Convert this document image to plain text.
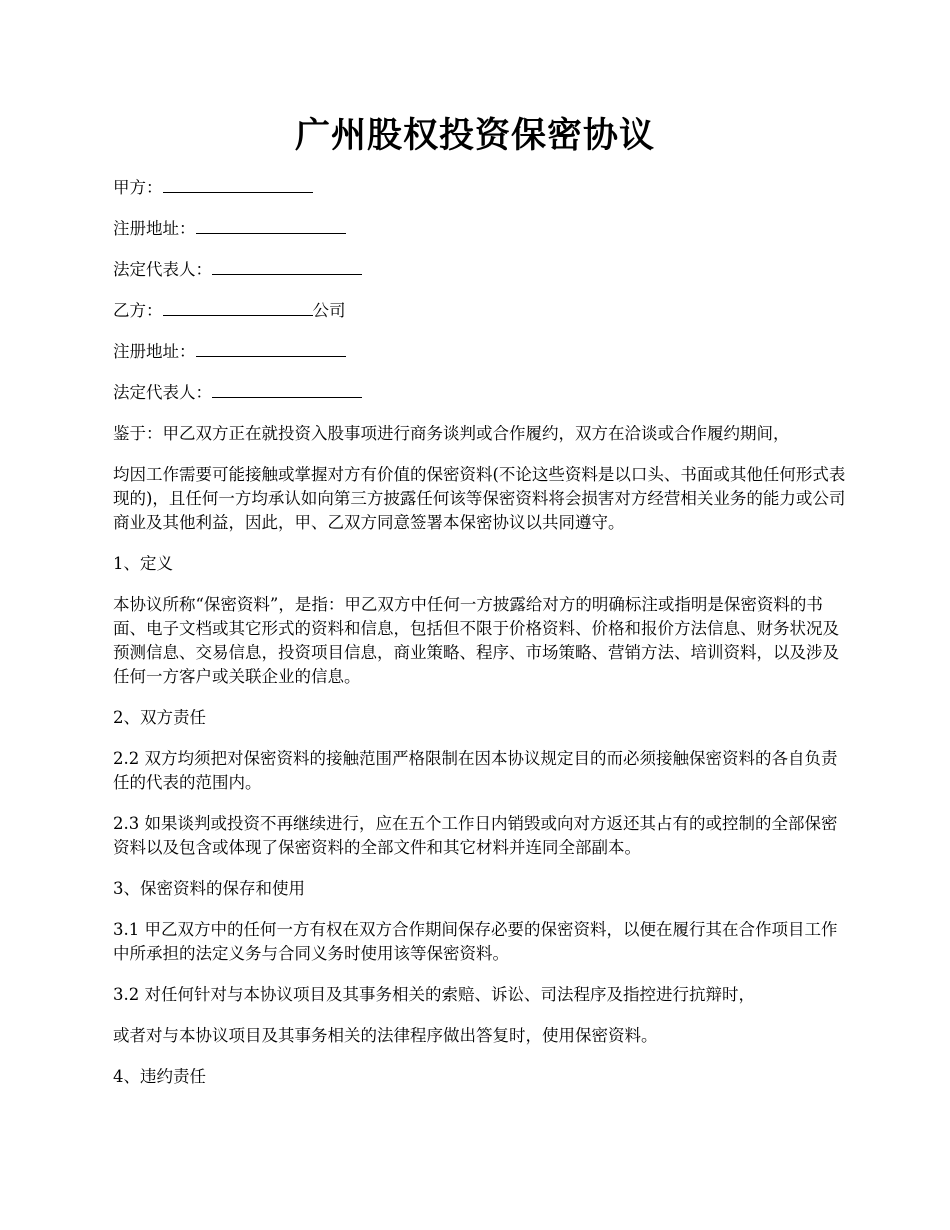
广州股权投资保密协议

甲方：

注册地址：

法定代表人：

乙方：	公司

注册地址：

法定代表人：

鉴于：甲乙双方正在就投资入股事项进行商务谈判或合作履约，双方在洽谈或合作履约期间，

均因工作需要可能接触或掌握对方有价值的保密资料(不论这些资料是以口头、书面或其他任何形式表现的)，且任何一方均承认如向第三方披露任何该等保密资料将会损害对方经营相关业务的能力或公司商业及其他利益，因此，甲、乙双方同意签署本保密协议以共同遵守。

1、定义

本协议所称“保密资料”，是指：甲乙双方中任何一方披露给对方的明确标注或指明是保密资料的书面、电子文档或其它形式的资料和信息，包括但不限于价格资料、价格和报价方法信息、财务状况及预测信息、交易信息，投资项目信息，商业策略、程序、市场策略、营销方法、培训资料，以及涉及任何一方客户或关联企业的信息。

2、双方责任

2.2 双方均须把对保密资料的接触范围严格限制在因本协议规定目的而必须接触保密资料的各自负责任的代表的范围内。

2.3 如果谈判或投资不再继续进行，应在五个工作日内销毁或向对方返还其占有的或控制的全部保密资料以及包含或体现了保密资料的全部文件和其它材料并连同全部副本。

3、保密资料的保存和使用

3.1 甲乙双方中的任何一方有权在双方合作期间保存必要的保密资料，以便在履行其在合作项目工作中所承担的法定义务与合同义务时使用该等保密资料。

3.2 对任何针对与本协议项目及其事务相关的索赔、诉讼、司法程序及指控进行抗辩时，

或者对与本协议项目及其事务相关的法律程序做出答复时，使用保密资料。

4、违约责任
